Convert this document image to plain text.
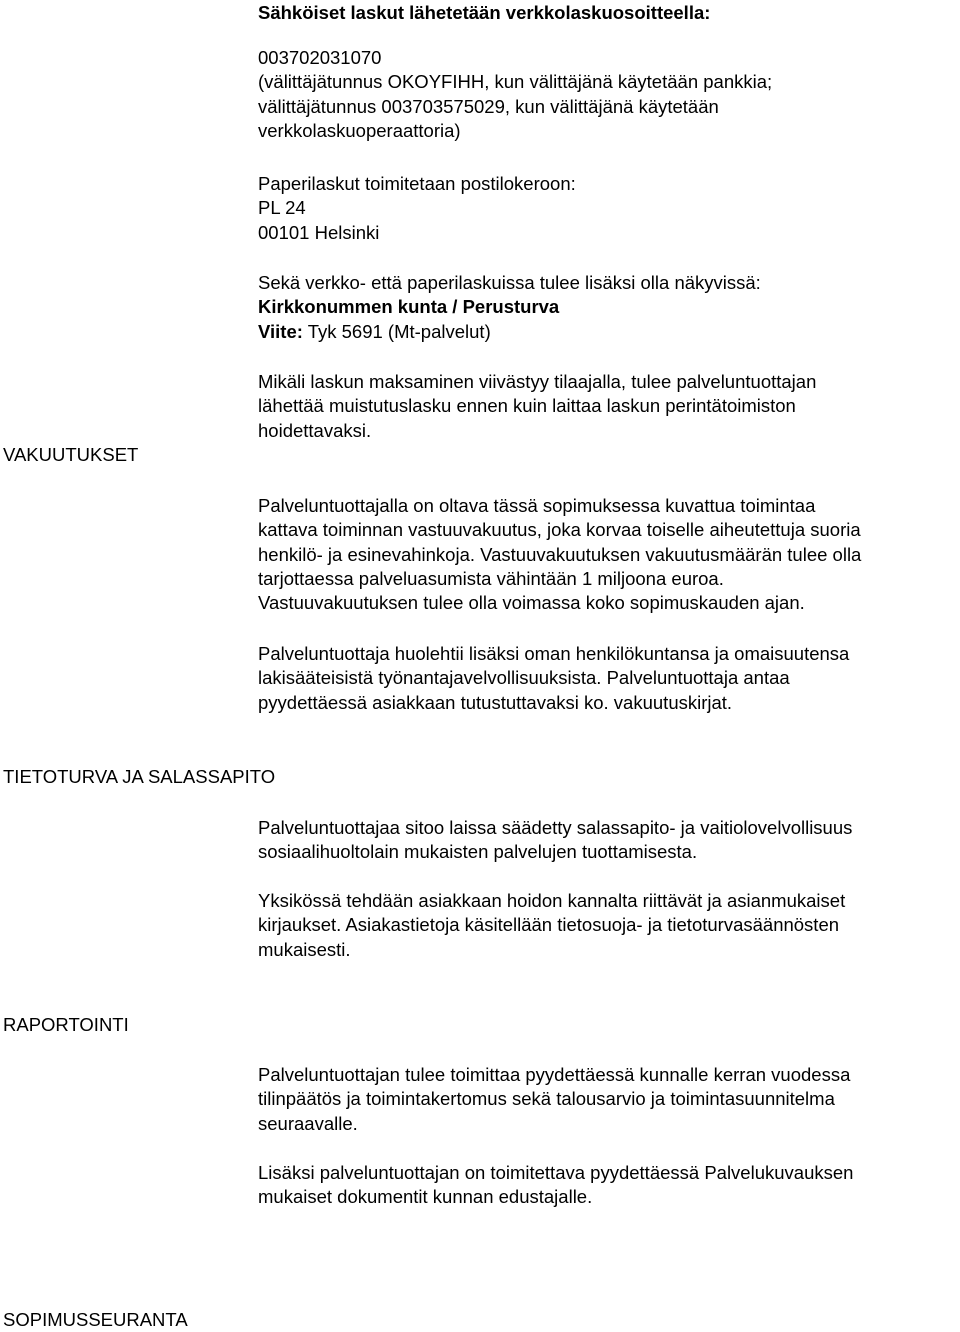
Sähköiset laskut lähetetään verkkolaskuosoitteella:
003702031070
(välittäjätunnus OKOYFIHH, kun välittäjänä käytetään pankkia;
välittäjätunnus 003703575029, kun välittäjänä käytetään
verkkolaskuoperaattoria)
Paperilaskut toimitetaan postilokeroon:
PL 24
00101 Helsinki
Sekä verkko- että paperilaskuissa tulee lisäksi olla näkyvissä:
Kirkkonummen kunta / Perusturva
Viite: Tyk 5691 (Mt-palvelut)
Mikäli laskun maksaminen viivästyy tilaajalla, tulee palveluntuottajan
lähettää muistutuslasku ennen kuin laittaa laskun perintätoimiston
hoidettavaksi.
VAKUUTUKSET
Palveluntuottajalla on oltava tässä sopimuksessa kuvattua toimintaa
kattava toiminnan vastuuvakuutus, joka korvaa toiselle aiheutettuja suoria
henkilö- ja esinevahinkoja. Vastuuvakuutuksen vakuutusmäärän tulee olla
tarjottaessa palveluasumista vähintään 1 miljoona euroa.
Vastuuvakuutuksen tulee olla voimassa koko sopimuskauden ajan.
Palveluntuottaja huolehtii lisäksi oman henkilökuntansa ja omaisuutensa
lakisääteisistä työnantajavelvollisuuksista. Palveluntuottaja antaa
pyydettäessä asiakkaan tutustuttavaksi ko. vakuutuskirjat.
TIETOTURVA JA SALASSAPITO
Palveluntuottajaa sitoo laissa säädetty salassapito- ja vaitiolovelvollisuus
sosiaalihuoltolain mukaisten palvelujen tuottamisesta.
Yksikössä tehdään asiakkaan hoidon kannalta riittävät ja asianmukaiset
kirjaukset. Asiakastietoja käsitellään tietosuoja- ja tietoturvasäännösten
mukaisesti.
RAPORTOINTI
Palveluntuottajan tulee toimittaa pyydettäessä kunnalle kerran vuodessa
tilinpäätös ja toimintakertomus sekä talousarvio ja toimintasuunnitelma
seuraavalle.
Lisäksi palveluntuottajan on toimitettava pyydettäessä Palvelukuvauksen
mukaiset dokumentit kunnan edustajalle.
SOPIMUSSEURANTA
